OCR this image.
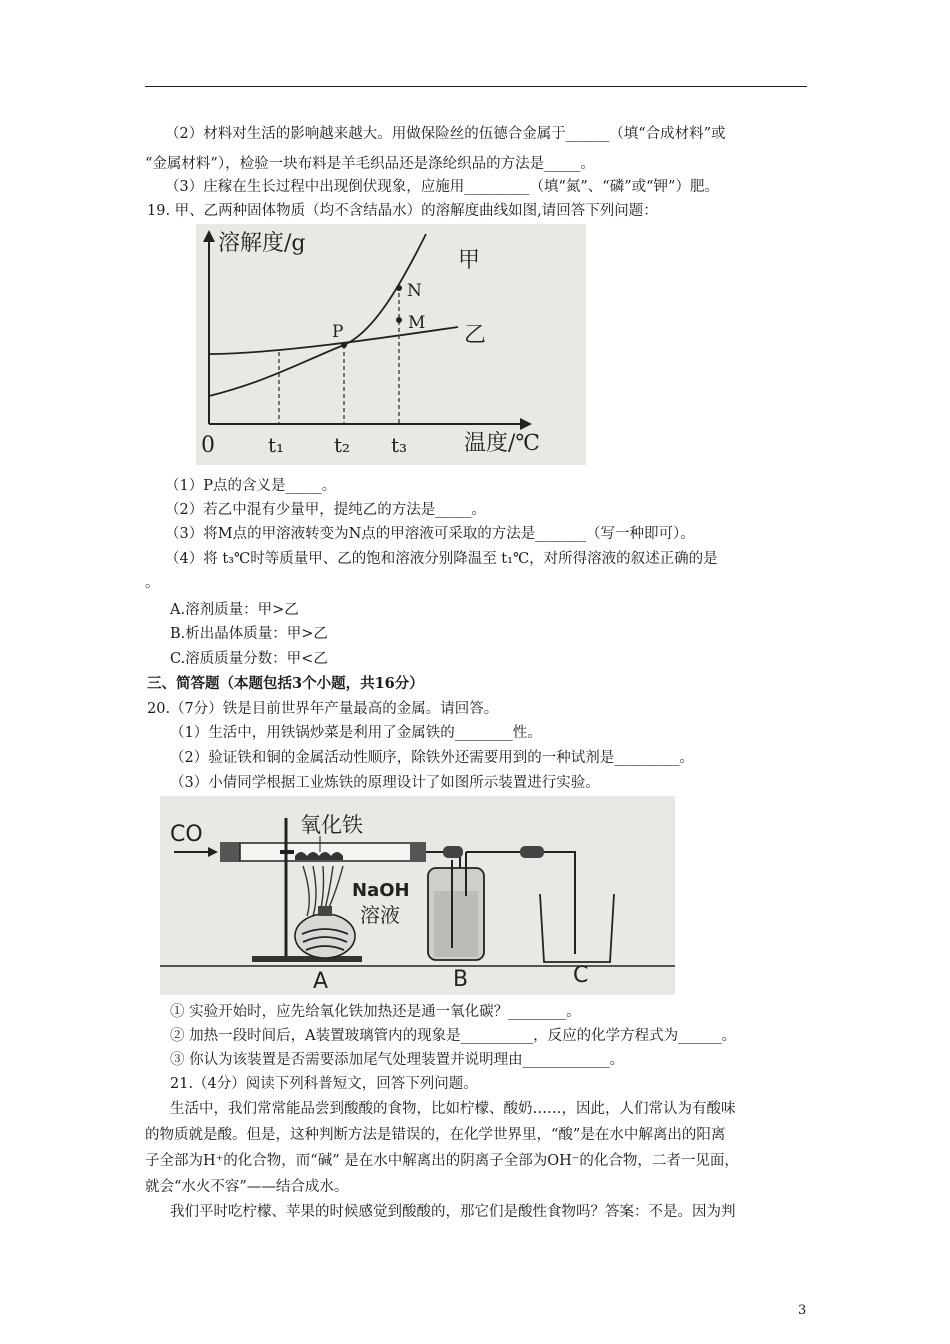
（2）材料对生活的影响越来越大。用做保险丝的伍德合金属于______（填“合成材料”或
“金属材料”），检验一块布料是羊毛织品还是涤纶织品的方法是_____。
（3）庄稼在生长过程中出现倒伏现象，应施用_________（填“氮”、“磷”或“钾”）肥。
19. 甲、乙两种固体物质（均不含结晶水）的溶解度曲线如图,请回答下列问题：
溶解度/g
甲
乙
P
N
M
0	t₁ t₂ t₃	温度/℃
（1）P点的含义是_____。
（2）若乙中混有少量甲，提纯乙的方法是_____。
（3）将M点的甲溶液转变为N点的甲溶液可采取的方法是_______（写一种即可）。
（4）将 t₃℃时等质量甲、乙的饱和溶液分别降温至 t₁℃，对所得溶液的叙述正确的是
。
A.溶剂质量：甲>乙
B.析出晶体质量：甲>乙
C.溶质质量分数：甲<乙
三、简答题（本题包括3个小题，共16分）
20.（7分）铁是目前世界年产量最高的金属。请回答。
（1）生活中，用铁锅炒菜是利用了金属铁的________性。
（2）验证铁和铜的金属活动性顺序，除铁外还需要用到的一种试剂是_________。
（3）小倩同学根据工业炼铁的原理设计了如图所示装置进行实验。
CO	氧化铁
NaOH
溶液
A	B	C
① 实验开始时，应先给氧化铁加热还是通一氧化碳？________。
② 加热一段时间后，A装置玻璃管内的现象是__________，反应的化学方程式为______。
③ 你认为该装置是否需要添加尾气处理装置并说明理由____________。
21.（4分）阅读下列科普短文，回答下列问题。
生活中，我们常常能品尝到酸酸的食物，比如柠檬、酸奶……，因此，人们常认为有酸味
的物质就是酸。但是，这种判断方法是错误的，在化学世界里，“酸”是在水中解离出的阳离
子全部为H⁺的化合物，而“碱” 是在水中解离出的阴离子全部为OH⁻的化合物，二者一见面，
就会“水火不容”——结合成水。
我们平时吃柠檬、苹果的时候感觉到酸酸的，那它们是酸性食物吗？答案：不是。因为判
3
